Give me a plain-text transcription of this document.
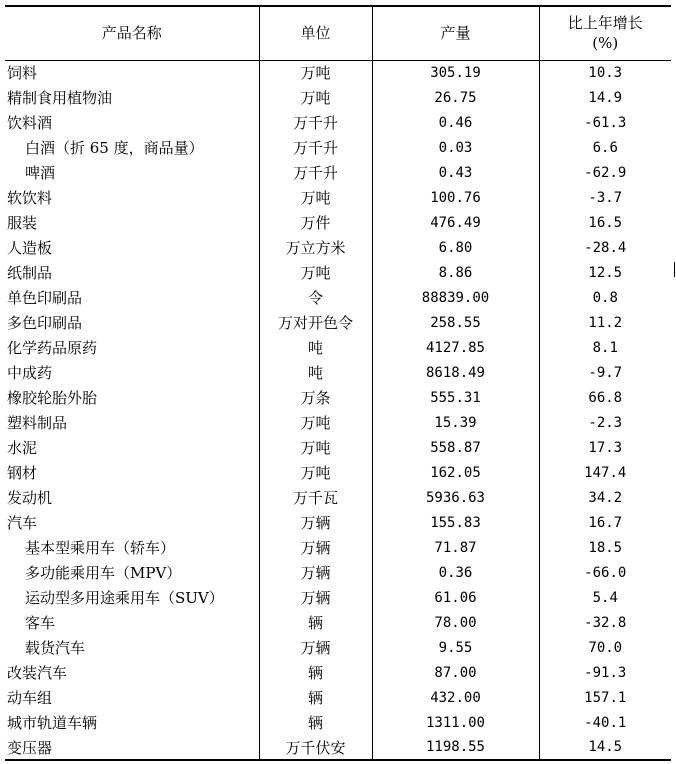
产品名称	单位	产量	比上年增长
(%)

饲料	万吨	305.19	10.3
精制食用植物油	万吨	26.75	14.9
饮料酒	万千升	0.46	-61.3
白酒（折 65 度，商品量）	万千升	0.03	6.6
啤酒	万千升	0.43	-62.9
软饮料	万吨	100.76	-3.7
服装	万件	476.49	16.5
人造板	万立方米	6.80	-28.4
纸制品	万吨	8.86	12.5
单色印刷品	令	88839.00	0.8
多色印刷品	万对开色令	258.55	11.2
化学药品原药	吨	4127.85	8.1
中成药	吨	8618.49	-9.7
橡胶轮胎外胎	万条	555.31	66.8
塑料制品	万吨	15.39	-2.3
水泥	万吨	558.87	17.3
钢材	万吨	162.05	147.4
发动机	万千瓦	5936.63	34.2
汽车	万辆	155.83	16.7
基本型乘用车（轿车）	万辆	71.87	18.5
多功能乘用车（MPV）	万辆	0.36	-66.0
运动型多用途乘用车（SUV）	万辆	61.06	5.4
客车	辆	78.00	-32.8
载货汽车	万辆	9.55	70.0
改装汽车	辆	87.00	-91.3
动车组	辆	432.00	157.1
城市轨道车辆	辆	1311.00	-40.1
变压器	万千伏安	1198.55	14.5
